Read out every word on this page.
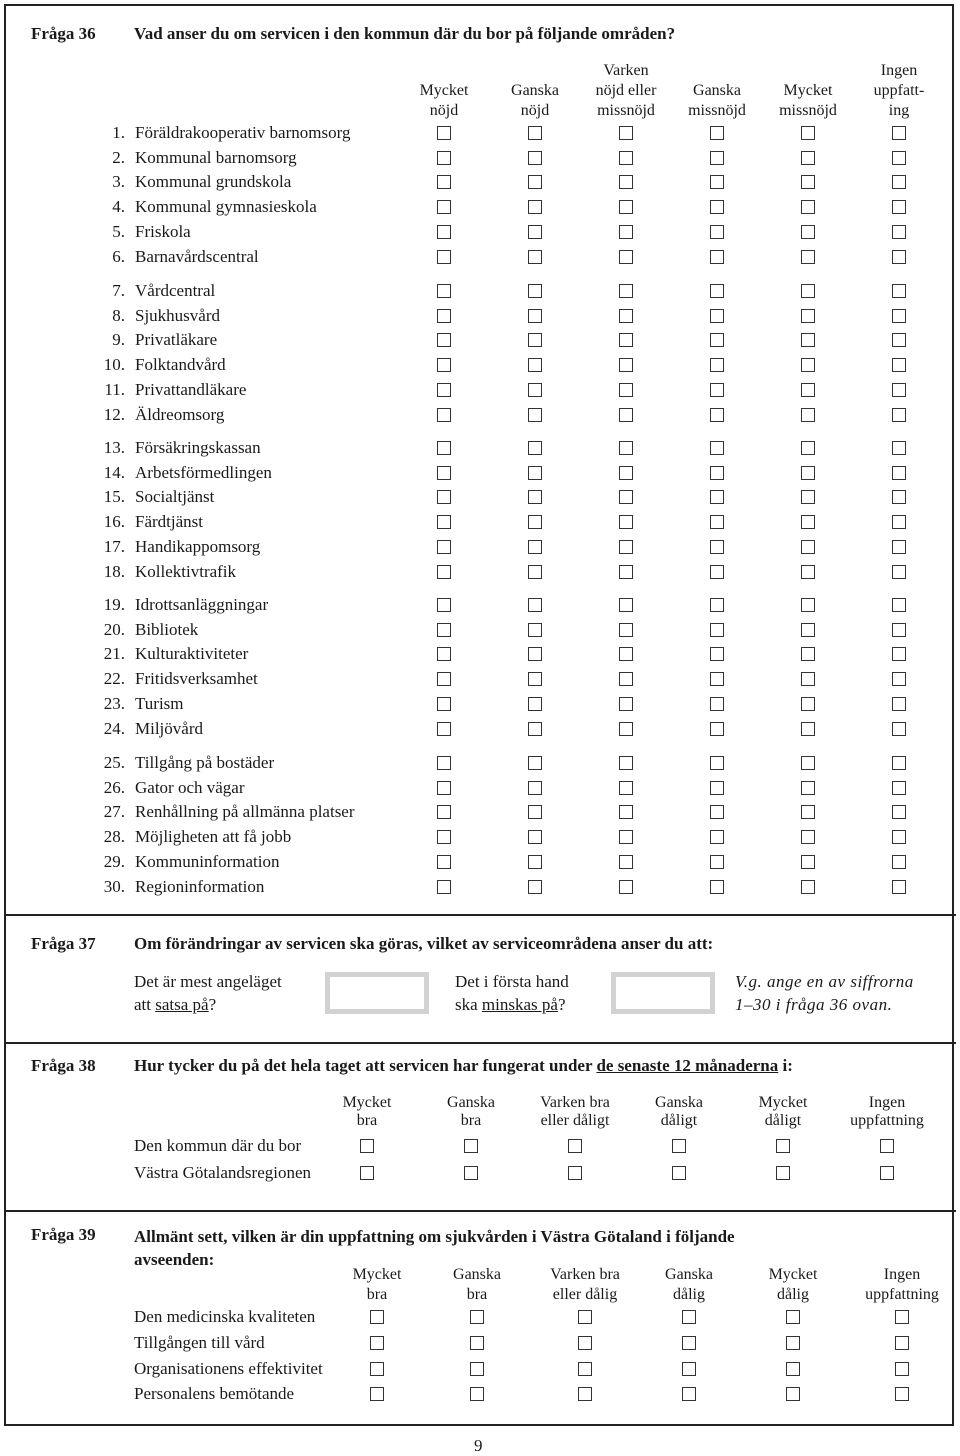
Fråga 36 Vad anser du om servicen i den kommun där du bor på följande områden?
Mycket
nöjd
Ganska
nöjd
Varken
nöjd eller
missnöjd
Ganska
missnöjd
Mycket
missnöjd
Ingen
uppfatt-
ing
1. Föräldrakooperativ barnomsorg
2. Kommunal barnomsorg
3. Kommunal grundskola
4. Kommunal gymnasieskola
5. Friskola
6. Barnavårdscentral
7. Vårdcentral
8. Sjukhusvård
9. Privatläkare
10. Folktandvård
11. Privattandläkare
12. Äldreomsorg
13. Försäkringskassan
14. Arbetsförmedlingen
15. Socialtjänst
16. Färdtjänst
17. Handikappomsorg
18. Kollektivtrafik
19. Idrottsanläggningar
20. Bibliotek
21. Kulturaktiviteter
22. Fritidsverksamhet
23. Turism
24. Miljövård
25. Tillgång på bostäder
26. Gator och vägar
27. Renhållning på allmänna platser
28. Möjligheten att få jobb
29. Kommuninformation
30. Regioninformation
Fråga 37 Om förändringar av servicen ska göras, vilket av serviceområdena anser du att:
Det är mest angeläget
att satsa på?
Det i första hand
ska minskas på?
V.g. ange en av siffrorna
1–30 i fråga 36 ovan.
Fråga 38 Hur tycker du på det hela taget att servicen har fungerat under de senaste 12 månaderna i:
Mycket
bra
Ganska
bra
Varken bra
eller dåligt
Ganska
dåligt
Mycket
dåligt
Ingen
uppfattning
Den kommun där du bor
Västra Götalandsregionen
Fråga 39 Allmänt sett, vilken är din uppfattning om sjukvården i Västra Götaland i följande
avseenden:
Mycket
bra
Ganska
bra
Varken bra
eller dålig
Ganska
dålig
Mycket
dålig
Ingen
uppfattning
Den medicinska kvaliteten
Tillgången till vård
Organisationens effektivitet
Personalens bemötande
9
